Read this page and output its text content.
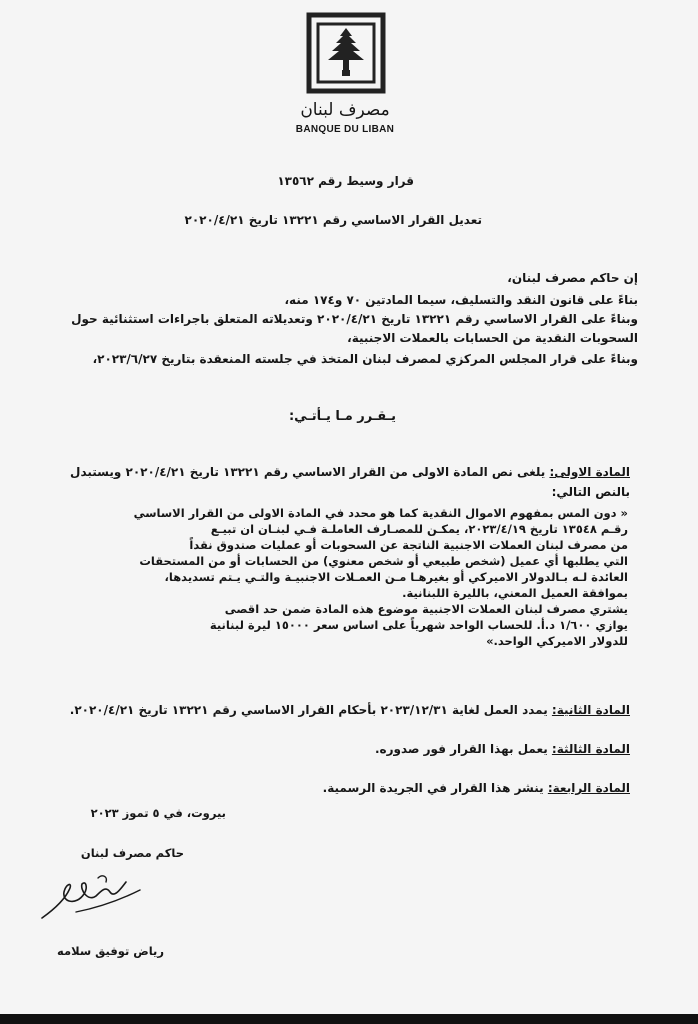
مصرف لبنان
BANQUE DU LIBAN
قرار وسيط رقم ١٣٥٦٢
تعديل القرار الاساسي رقم ١٣٢٢١ تاريخ ٢٠٢٠/٤/٢١
إن حاكم مصرف لبنان،
بناءً على قانون النقد والتسليف، سيما المادتين ٧٠ و١٧٤ منه،
وبناءً على القرار الاساسي رقم ١٣٢٢١ تاريخ ٢٠٢٠/٤/٢١ وتعديلاته المتعلق باجراءات استثنائية حول
السحوبات النقدية من الحسابات بالعملات الاجنبية،
وبناءً على قرار المجلس المركزي لمصرف لبنان المتخذ في جلسته المنعقدة بتاريخ ٢٠٢٣/٦/٢٧،
يـقـرر مـا يـأتـي:
المادة الاولى: يلغى نص المادة الاولى من القرار الاساسي رقم ١٣٢٢١ تاريخ ٢٠٢٠/٤/٢١ ويستبدل
بالنص التالي:
« دون المس بمفهوم الاموال النقدية كما هو محدد في المادة الاولى من القرار الاساسي
رقـم ١٣٥٤٨ تاريخ ٢٠٢٣/٤/١٩، يمكـن للمصـارف العاملـة فـي لبنـان ان تبيـع
من مصرف لبنان العملات الاجنبية الناتجة عن السحوبات أو عمليات صندوق نقداً
التي يطلبها أي عميل (شخص طبيعي أو شخص معنوي) من الحسابات أو من المستحقات
العائدة لـه بـالدولار الاميركي أو بغيرهـا مـن العمـلات الاجنبيـة والتـي يـتم تسديدها،
بموافقة العميل المعني، بالليرة اللبنانية.
يشتري مصرف لبنان العملات الاجنبية موضوع هذه المادة ضمن حد اقصى
يوازي ١/٦٠٠ د.أ. للحساب الواحد شهرياً على اساس سعر ١٥٠٠٠ ليرة لبنانية
للدولار الاميركي الواحد.»
المادة الثانية: يمدد العمل لغاية ٢٠٢٣/١٢/٣١ بأحكام القرار الاساسي رقم ١٣٢٢١ تاريخ ٢٠٢٠/٤/٢١.
المادة الثالثة: يعمل بهذا القرار فور صدوره.
المادة الرابعة: ينشر هذا القرار في الجريدة الرسمية.
بيروت، في ٥ تموز ٢٠٢٣
حاكم مصرف لبنان
رياض توفيق سلامه
